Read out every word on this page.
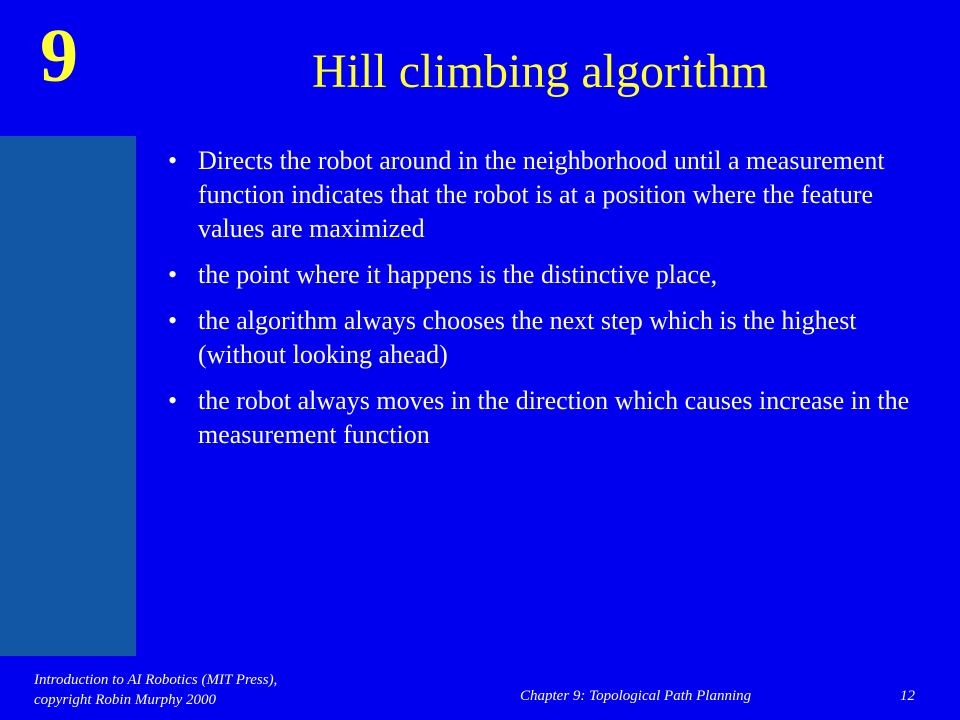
9	Hill climbing algorithm
• Directs the robot around in the neighborhood until a measurement function indicates that the robot is at a position where the feature values are maximized
• the point where it happens is the distinctive place,
• the algorithm always chooses the next step which is the highest (without looking ahead)
• the robot always moves in the direction which causes increase in the measurement function
Introduction to AI Robotics (MIT Press),
copyright Robin Murphy 2000	Chapter 9: Topological Path Planning	12
